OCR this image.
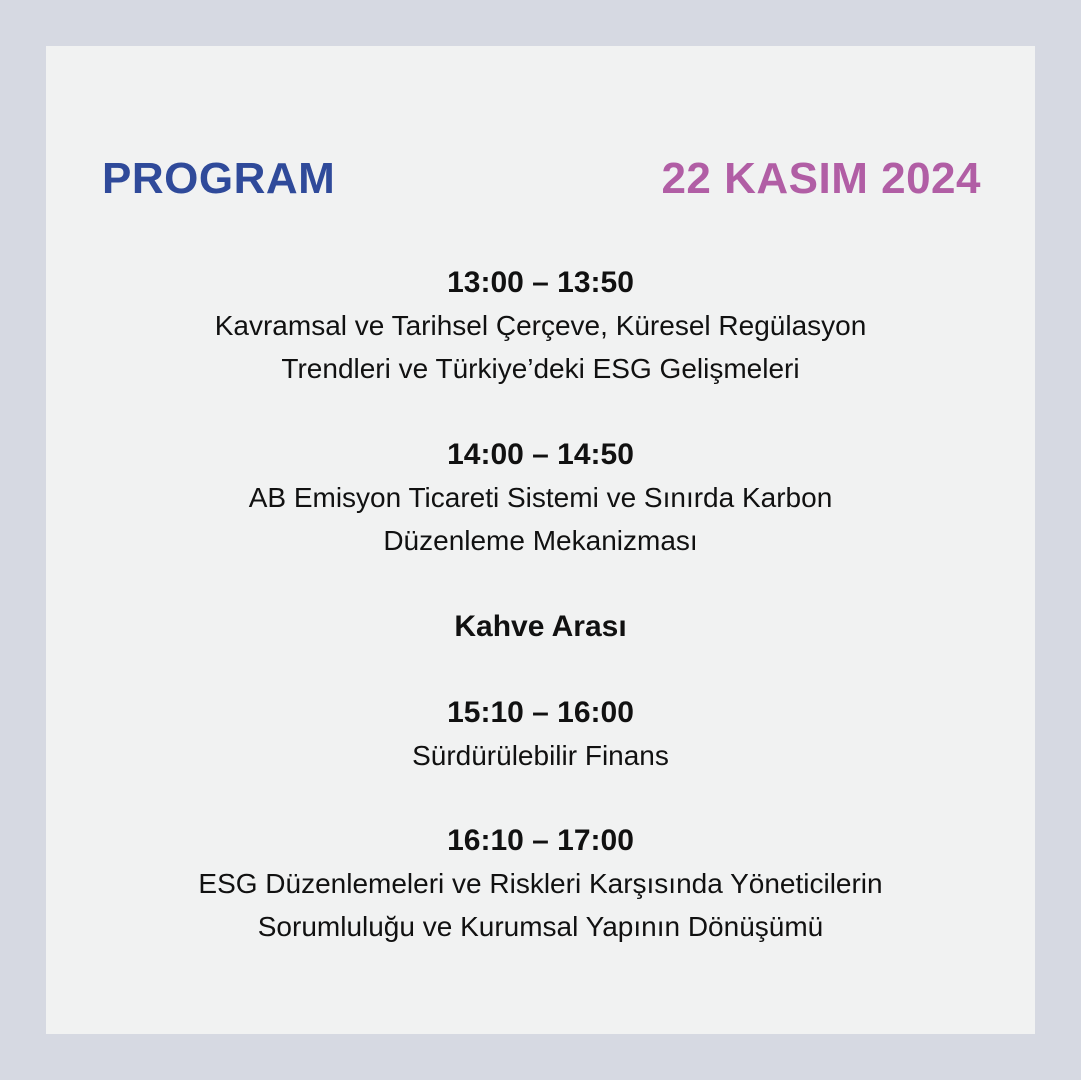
PROGRAM	22 KASIM 2024
13:00 – 13:50
Kavramsal ve Tarihsel Çerçeve, Küresel Regülasyon
Trendleri ve Türkiye’deki ESG Gelişmeleri
14:00 – 14:50
AB Emisyon Ticareti Sistemi ve Sınırda Karbon
Düzenleme Mekanizması
Kahve Arası
15:10 – 16:00
Sürdürülebilir Finans
16:10 – 17:00
ESG Düzenlemeleri ve Riskleri Karşısında Yöneticilerin
Sorumluluğu ve Kurumsal Yapının Dönüşümü
